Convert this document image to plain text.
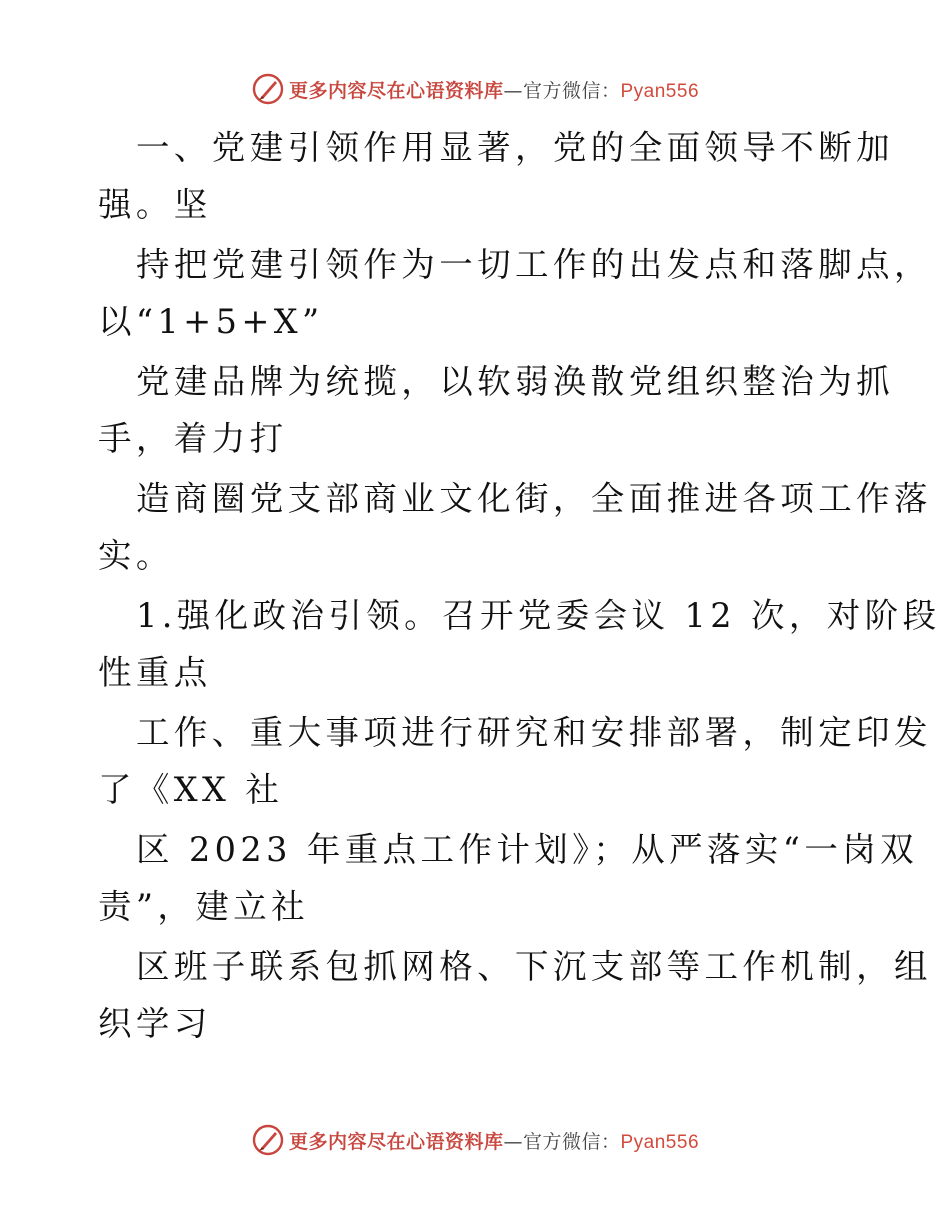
更多内容尽在心语资料库—官方微信：Pyan556
一、党建引领作用显著，党的全面领导不断加
强。坚
持把党建引领作为一切工作的出发点和落脚点，
以“1+5+X”
党建品牌为统揽，以软弱涣散党组织整治为抓
手，着力打
造商圈党支部商业文化街，全面推进各项工作落
实。
1.强化政治引领。召开党委会议 12 次，对阶段
性重点
工作、重大事项进行研究和安排部署，制定印发
了《XX 社
区 2023 年重点工作计划》；从严落实“一岗双
责”，建立社
区班子联系包抓网格、下沉支部等工作机制，组
织学习
更多内容尽在心语资料库—官方微信：Pyan556
